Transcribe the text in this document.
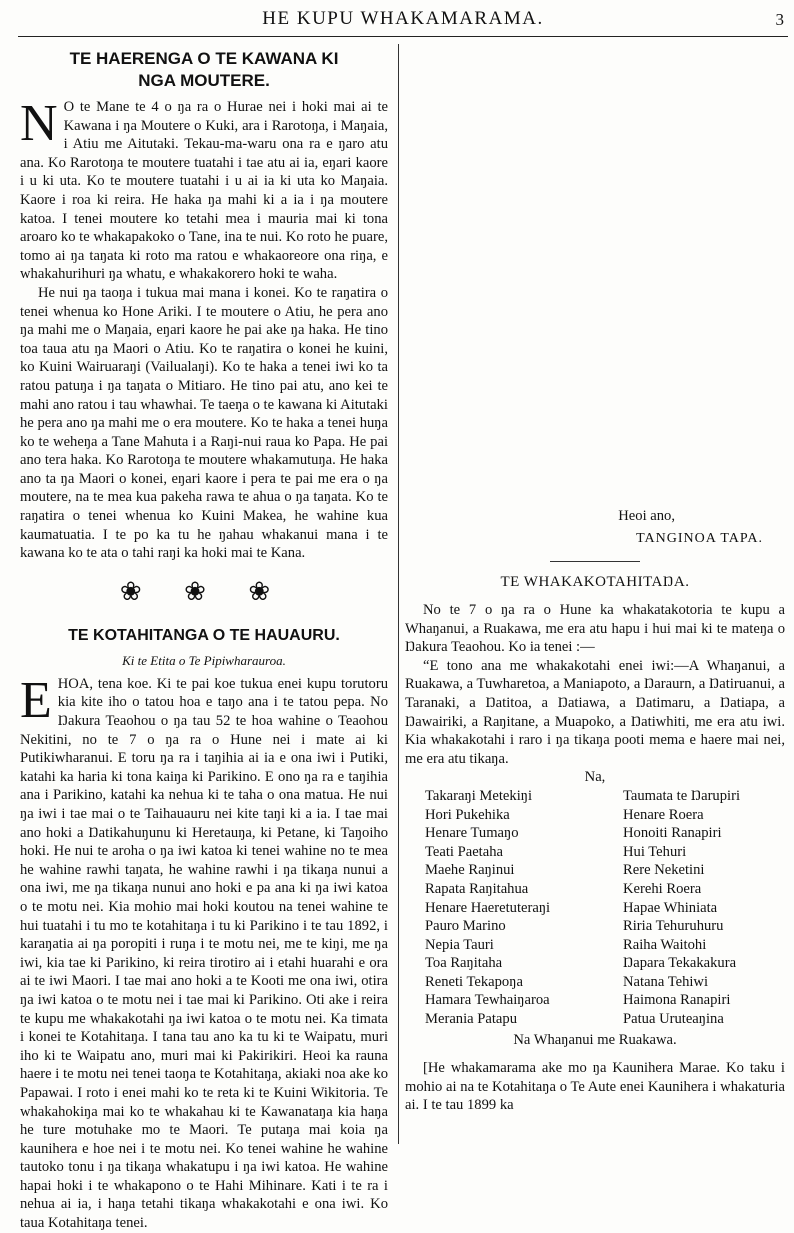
HE KUPU WHAKAMARAMA.	3
TE HAERENGA O TE KAWANA KI
NGA MOUTERE.

N O te Mane te 4 o ŋa ra o Hurae nei i hoki mai ai te Kawana i ŋa Moutere o Kuki, ara i Rarotoŋa, i Maŋaia, i Atiu me Aitutaki. Tekau-ma-waru ona ra e ŋaro atu ana. Ko Rarotoŋa te moutere tuatahi i tae atu ai ia, eŋari kaore i u ki uta. Ko te moutere tuatahi i u ai ia ki uta ko Maŋaia. Kaore i roa ki reira. He haka ŋa mahi ki a ia i ŋa moutere katoa. I tenei moutere ko tetahi mea i mauria mai ki tona aroaro ko te whakapakoko o Tane, ina te nui. Ko roto he puare, tomo ai ŋa taŋata ki roto ma ratou e whakaoreore ona riŋa, e whakahurihuri ŋa whatu, e whakakorero hoki te waha.

He nui ŋa taoŋa i tukua mai mana i konei. Ko te raŋatira o tenei whenua ko Hone Ariki. I te moutere o Atiu, he pera ano ŋa mahi me o Maŋaia, eŋari kaore he pai ake ŋa haka. He tino toa taua atu ŋa Maori o Atiu. Ko te raŋatira o konei he kuini, ko Kuini Wairuaraŋi (Vailualaŋi). Ko te haka a tenei iwi ko ta ratou patuŋa i ŋa taŋata o Mitiaro. He tino pai atu, ano kei te mahi ano ratou i tau whawhai. Te taeŋa o te kawana ki Aitutaki he pera ano ŋa mahi me o era moutere. Ko te haka a tenei huŋa ko te weheŋa a Tane Mahuta i a Raŋi-nui raua ko Papa. He pai ano tera haka. Ko Rarotoŋa te moutere whakamutuŋa. He haka ano ta ŋa Maori o konei, eŋari kaore i pera te pai me era o ŋa moutere, na te mea kua pakeha rawa te ahua o ŋa taŋata. Ko te raŋatira o tenei whenua ko Kuini Makea, he wahine kua kaumatuatia. I te po ka tu he ŋahau whakanui mana i te kawana ko te ata o tahi raŋi ka hoki mai te Kana.

❀ ❀ ❀
TE KOTAHITANGA O TE HAUAURU.
Ki te Etita o Te Pipiwharauroa.

E HOA, tena koe. Ki te pai koe tukua enei kupu torutoru kia kite iho o tatou hoa e taŋo ana i te tatou pepa. No Ŋakura Teaohou o ŋa tau 52 te hoa wahine o Teaohou Nekitini, no te 7 o ŋa ra o Hune nei i mate ai ki Putikiwharanui. E toru ŋa ra i taŋihia ai ia e ona iwi i Putiki, katahi ka haria ki tona kaiŋa ki Parikino. E ono ŋa ra e taŋihia ana i Parikino, katahi ka nehua ki te taha o ona matua. He nui ŋa iwi i tae mai o te Taihauauru nei kite taŋi ki a ia. I tae mai ano hoki a Ŋatikahuŋunu ki Heretauŋa, ki Petane, ki Taŋoiho hoki. He nui te aroha o ŋa iwi katoa ki tenei wahine no te mea he wahine rawhi taŋata, he wahine rawhi i ŋa tikaŋa nunui a ona iwi, me ŋa tikaŋa nunui ano hoki e pa ana ki ŋa iwi katoa o te motu nei. Kia mohio mai hoki koutou na tenei wahine te hui tuatahi i tu mo te kotahitaŋa i tu ki Parikino i te tau 1892, i karaŋatia ai ŋa poropiti i ruŋa i te motu nei, me te kiŋi, me ŋa iwi, kia tae ki Parikino, ki reira tirotiro ai i etahi huarahi e ora ai te iwi Maori. I tae mai ano hoki a te Kooti me ona iwi, otira ŋa iwi katoa o te motu nei i tae mai ki Parikino. Oti ake i reira te kupu me whakakotahi ŋa iwi katoa o te motu nei. Ka timata i konei te Kotahitaŋa. I tana tau ano ka tu ki te Waipatu, muri iho ki te Waipatu ano, muri mai ki Pakirikiri. Heoi ka rauna haere i te motu nei tenei taoŋa te Kotahitaŋa, akiaki noa ake ko Papawai. I roto i enei mahi ko te reta ki te Kuini Wikitoria. Te whakahokiŋa mai ko te whakahau ki te Kawanataŋa kia haŋa he ture motuhake mo te Maori. Te putaŋa mai koia ŋa kaunihera e hoe nei i te motu nei. Ko tenei wahine he wahine tautoko tonu i ŋa tikaŋa whakatupu i ŋa iwi katoa. He wahine hapai hoki i te whakapono o te Hahi Mihinare. Kati i te ra i nehua ai ia, i haŋa tetahi tikaŋa whakakotahi e ona iwi. Ko taua Kotahitaŋa tenei.

Heoi ano,
TANGINOA TAPA.
TE WHAKAKOTAHITAŊA.

No te 7 o ŋa ra o Hune ka whakatakotoria te kupu a Whaŋanui, a Ruakawa, me era atu hapu i hui mai ki te mateŋa o Ŋakura Teaohou. Ko ia tenei :—

“E tono ana me whakakotahi enei iwi:—A Whaŋanui, a Ruakawa, a Tuwharetoa, a Maniapoto, a Ŋaraurn, a Ŋatiruanui, a Taranaki, a Ŋatitoa, a Ŋatiawa, a Ŋatimaru, a Ŋatiapa, a Ŋawairiki, a Raŋitane, a Muapoko, a Ŋatiwhiti, me era atu iwi. Kia whakakotahi i raro i ŋa tikaŋa pooti mema e haere mai nei, me era atu tikaŋa.

Na,
Takaraŋi Metekiŋi	Taumata te Ŋarupiri
Hori Pukehika	Henare Roera
Henare Tumaŋo	Honoiti Ranapiri
Teati Paetaha	Hui Tehuri
Maehe Raŋinui	Rere Neketini
Rapata Raŋitahua	Kerehi Roera
Henare Haeretuteraŋi	Hapae Whiniata
Pauro Marino	Riria Tehuruhuru
Nepia Tauri	Raiha Waitohi
Toa Raŋitaha	Ŋapara Tekakakura
Reneti Tekapoŋa	Natana Tehiwi
Hamara Tewhaiŋaroa	Haimona Ranapiri
Merania Patapu	Patua Uruteaŋina
Na Whaŋanui me Ruakawa.

[He whakamarama ake mo ŋa Kaunihera Marae. Ko taku i mohio ai na te Kotahitaŋa o Te Aute enei Kaunihera i whakaturia ai. I te tau 1899 ka
